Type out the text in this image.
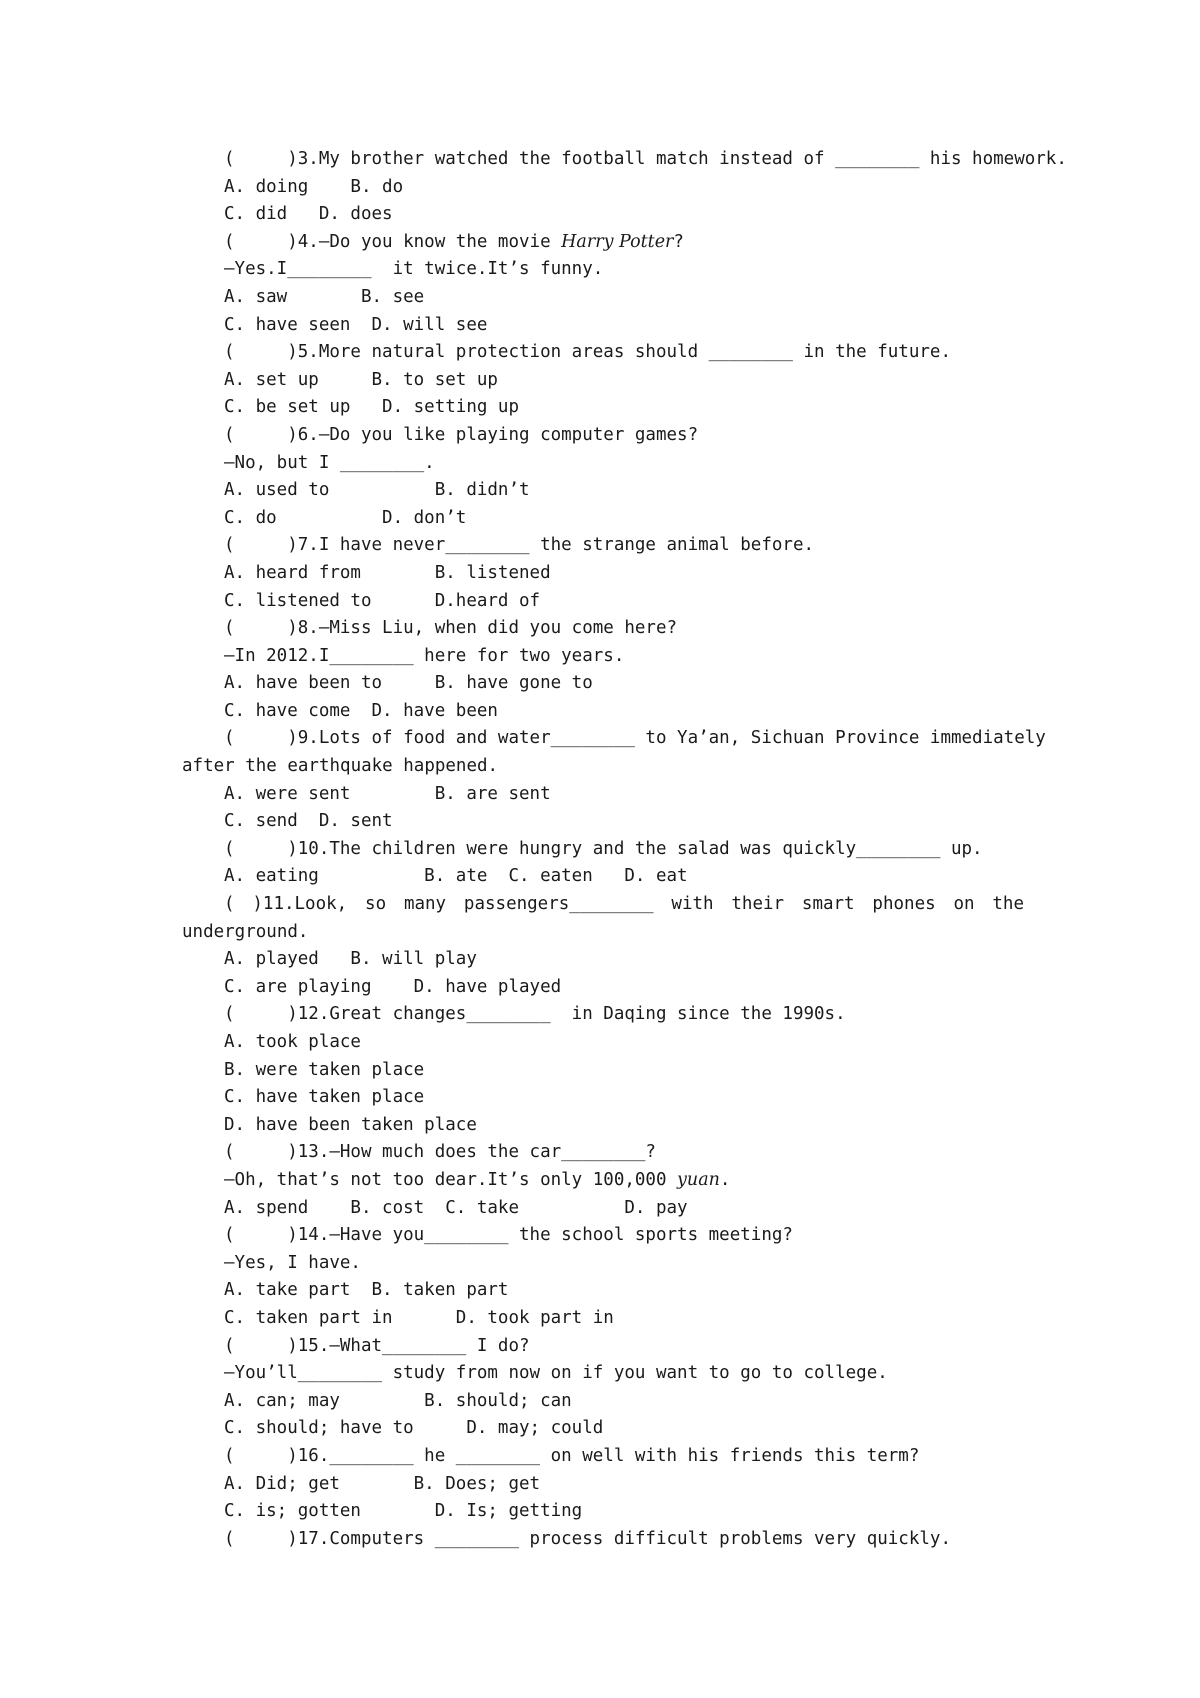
(     )3.My brother watched the football match instead of ________ his homework.
A. doing    B. do
C. did   D. does
(     )4.—Do you know the movie Harry Potter?
—Yes.I________  it twice.It’s funny.
A. saw       B. see
C. have seen  D. will see
(     )5.More natural protection areas should ________ in the future.
A. set up     B. to set up
C. be set up   D. setting up
(     )6.—Do you like playing computer games?
—No, but I ________.
A. used to          B. didn’t
C. do          D. don’t
(     )7.I have never________ the strange animal before.
A. heard from       B. listened
C. listened to      D.heard of
(     )8.—Miss Liu, when did you come here?
—In 2012.I________ here for two years.
A. have been to     B. have gone to
C. have come  D. have been
(     )9.Lots of food and water________ to Ya’an, Sichuan Province immediately
after the earthquake happened.
A. were sent        B. are sent
C. send  D. sent
(     )10.The children were hungry and the salad was quickly________ up.
A. eating          B. ate  C. eaten   D. eat
( )11.Look, so many passengers________ with their smart phones on the
underground.
A. played   B. will play
C. are playing    D. have played
(     )12.Great changes________  in Daqing since the 1990s.
A. took place
B. were taken place
C. have taken place
D. have been taken place
(     )13.—How much does the car________?
—Oh, that’s not too dear.It’s only 100,000 yuan.
A. spend    B. cost  C. take          D. pay
(     )14.—Have you________ the school sports meeting?
—Yes, I have.
A. take part  B. taken part
C. taken part in      D. took part in
(     )15.—What________ I do?
—You’ll________ study from now on if you want to go to college.
A. can; may        B. should; can
C. should; have to     D. may; could
(     )16.________ he ________ on well with his friends this term?
A. Did; get       B. Does; get
C. is; gotten       D. Is; getting
(     )17.Computers ________ process difficult problems very quickly.
